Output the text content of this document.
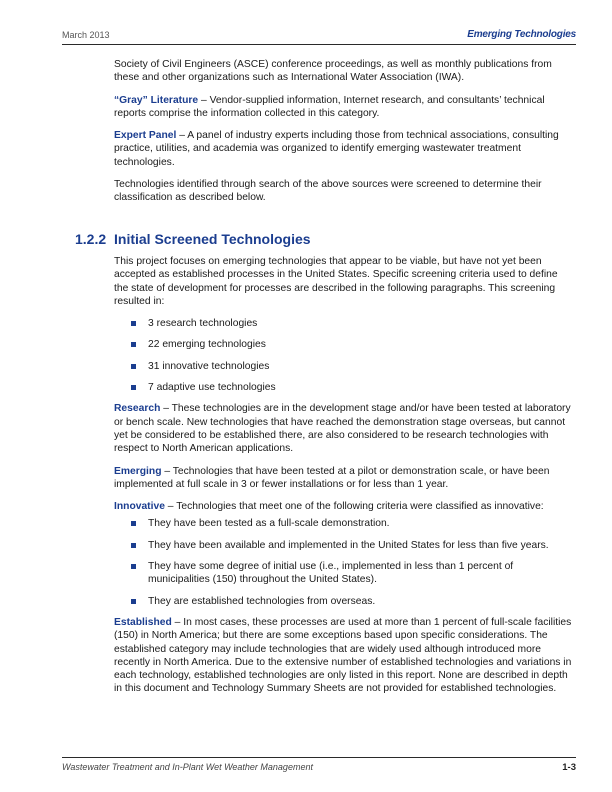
March 2013	Emerging Technologies

Society of Civil Engineers (ASCE) conference proceedings, as well as monthly publications from these and other organizations such as International Water Association (IWA).

“Gray” Literature – Vendor-supplied information, Internet research, and consultants’ technical reports comprise the information collected in this category.

Expert Panel – A panel of industry experts including those from technical associations, consulting practice, utilities, and academia was organized to identify emerging wastewater treatment technologies.

Technologies identified through search of the above sources were screened to determine their classification as described below.

1.2.2 Initial Screened Technologies

This project focuses on emerging technologies that appear to be viable, but have not yet been accepted as established processes in the United States. Specific screening criteria used to define the state of development for processes are described in the following paragraphs. This screening resulted in:

3 research technologies
22 emerging technologies
31 innovative technologies
7 adaptive use technologies

Research – These technologies are in the development stage and/or have been tested at laboratory or bench scale. New technologies that have reached the demonstration stage overseas, but cannot yet be considered to be established there, are also considered to be research technologies with respect to North American applications.

Emerging – Technologies that have been tested at a pilot or demonstration scale, or have been implemented at full scale in 3 or fewer installations or for less than 1 year.

Innovative – Technologies that meet one of the following criteria were classified as innovative:

They have been tested as a full-scale demonstration.
They have been available and implemented in the United States for less than five years.
They have some degree of initial use (i.e., implemented in less than 1 percent of municipalities (150) throughout the United States).
They are established technologies from overseas.

Established – In most cases, these processes are used at more than 1 percent of full-scale facilities (150) in North America; but there are some exceptions based upon specific considerations. The established category may include technologies that are widely used although introduced more recently in North America. Due to the extensive number of established technologies and variations in each technology, established technologies are only listed in this report. None are described in depth in this document and Technology Summary Sheets are not provided for established technologies.

Wastewater Treatment and In-Plant Wet Weather Management	1-3
